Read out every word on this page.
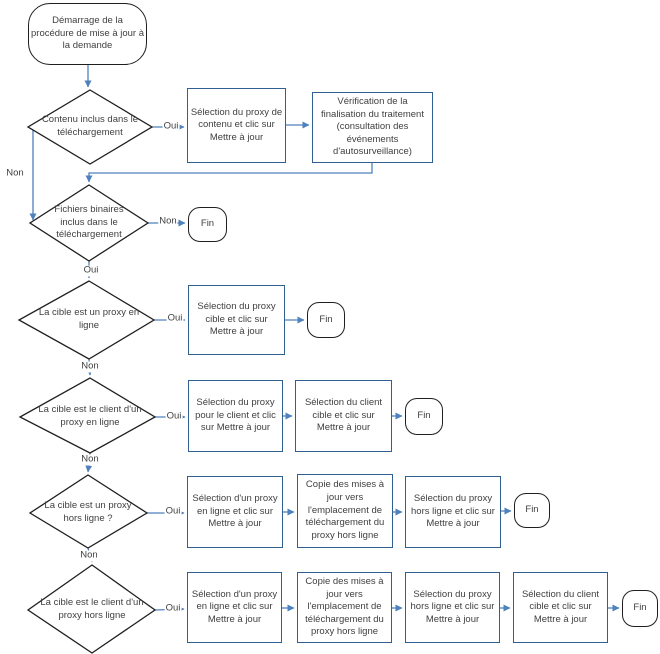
Démarrage de la procédure de mise à jour à la demande
Contenu inclus dans le téléchargement
Sélection du proxy de contenu et clic sur Mettre à jour
Vérification de la finalisation du traitement (consultation des événements d'autosurveillance)
Fichiers binaires inclus dans le téléchargement
Fin
La cible est un proxy en ligne
Sélection du proxy cible et clic sur Mettre à jour
Fin
La cible est le client d'un proxy en ligne
Sélection du proxy pour le client et clic sur Mettre à jour
Sélection du client cible et clic sur Mettre à jour
Fin
La cible est un proxy hors ligne ?
Sélection d'un proxy en ligne et clic sur Mettre à jour
Copie des mises à jour vers l'emplacement de téléchargement du proxy hors ligne
Sélection du proxy hors ligne et clic sur Mettre à jour
Fin
La cible est le client d'un proxy hors ligne
Sélection d'un proxy en ligne et clic sur Mettre à jour
Copie des mises à jour vers l'emplacement de téléchargement du proxy hors ligne
Sélection du proxy hors ligne et clic sur Mettre à jour
Sélection du client cible et clic sur Mettre à jour
Fin
Oui
Non
Non
Oui
Oui
Non
Oui
Non
Oui
Non
Oui
